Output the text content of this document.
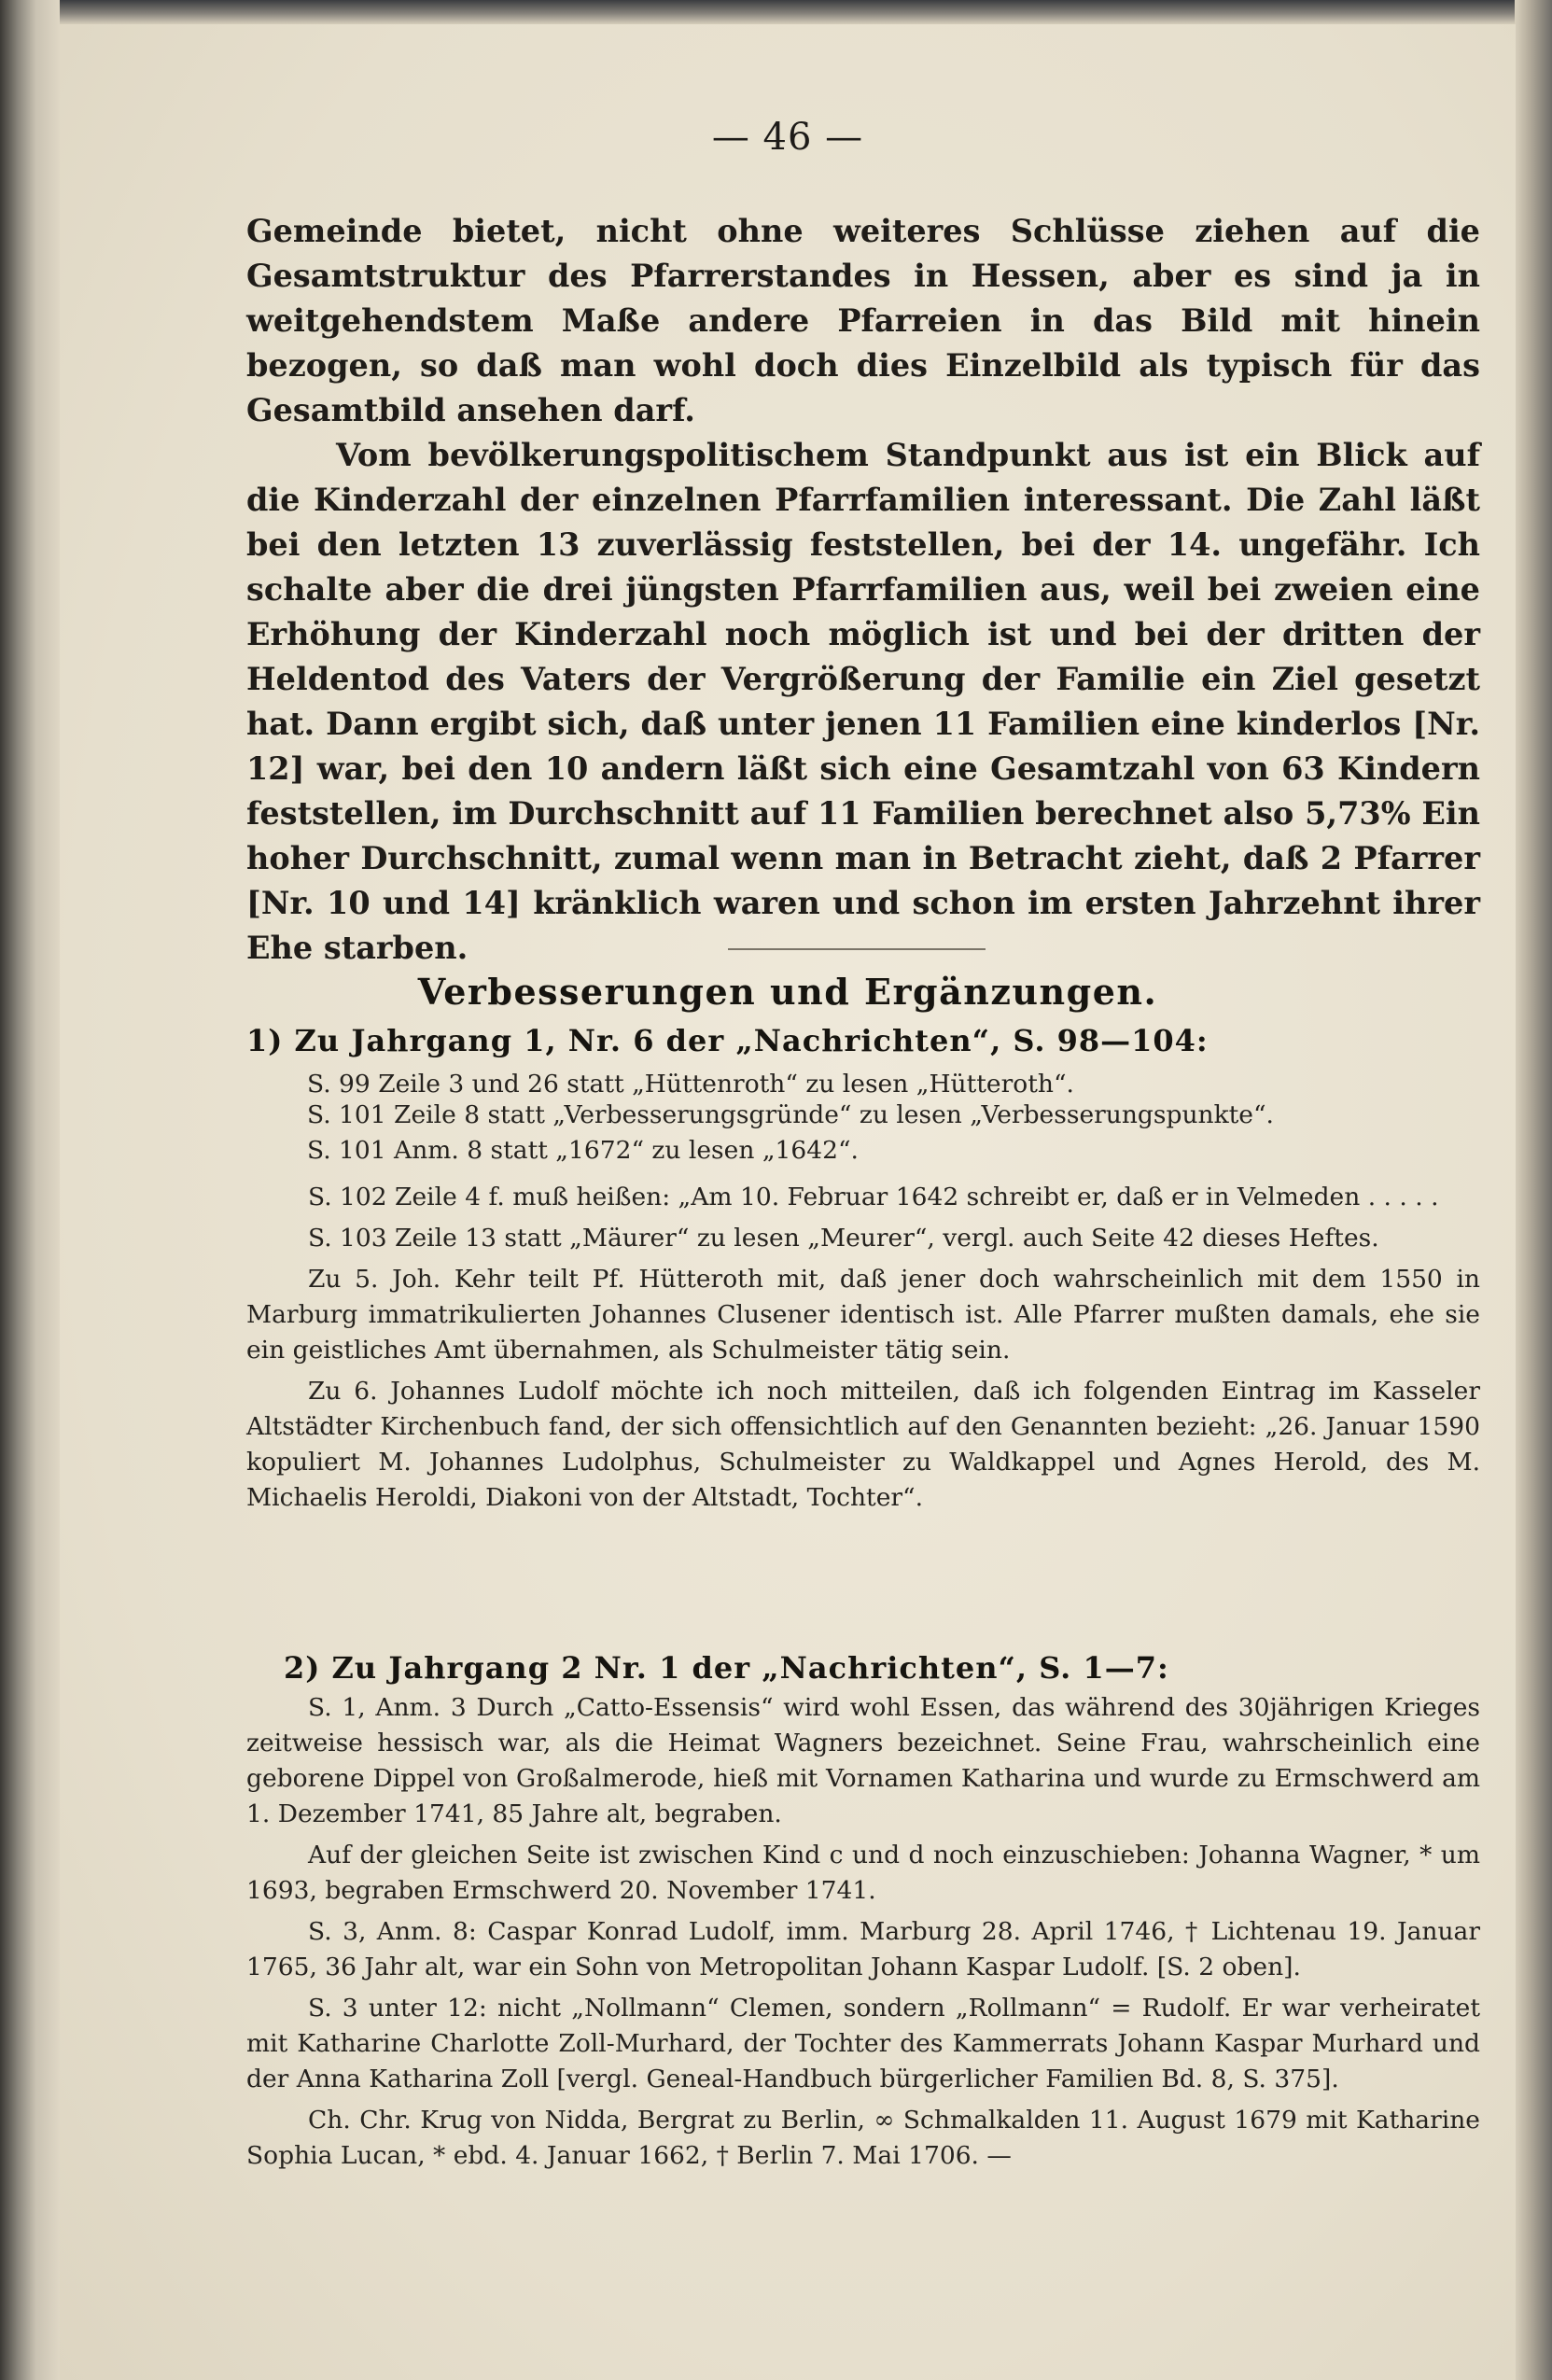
— 46 —

Gemeinde bietet, nicht ohne weiteres Schlüsse ziehen auf die Gesamtstruktur des Pfarrerstandes in Hessen, aber es sind ja in weitgehendstem Maße andere Pfarreien in das Bild mit hinein bezogen, so daß man wohl doch dies Einzelbild als typisch für das Gesamtbild ansehen darf.

Vom bevölkerungspolitischem Standpunkt aus ist ein Blick auf die Kinderzahl der einzelnen Pfarrfamilien interessant. Die Zahl läßt bei den letzten 13 zuverlässig feststellen, bei der 14. ungefähr. Ich schalte aber die drei jüngsten Pfarrfamilien aus, weil bei zweien eine Erhöhung der Kinderzahl noch möglich ist und bei der dritten der Heldentod des Vaters der Vergrößerung der Familie ein Ziel gesetzt hat. Dann ergibt sich, daß unter jenen 11 Familien eine kinderlos [Nr. 12] war, bei den 10 andern läßt sich eine Gesamtzahl von 63 Kindern feststellen, im Durchschnitt auf 11 Familien berechnet also 5,73% Ein hoher Durchschnitt, zumal wenn man in Betracht zieht, daß 2 Pfarrer [Nr. 10 und 14] kränklich waren und schon im ersten Jahrzehnt ihrer Ehe starben.

Verbesserungen und Ergänzungen.
1) Zu Jahrgang 1, Nr. 6 der „Nachrichten“, S. 98—104:
S. 99 Zeile 3 und 26 statt „Hüttenroth“ zu lesen „Hütteroth“.
S. 101 Zeile 8 statt „Verbesserungsgründe“ zu lesen „Verbesserungspunkte“.
S. 101 Anm. 8 statt „1672“ zu lesen „1642“.

S. 102 Zeile 4 f. muß heißen: „Am 10. Februar 1642 schreibt er, daß er in Velmeden . . . . .

S. 103 Zeile 13 statt „Mäurer“ zu lesen „Meurer“, vergl. auch Seite 42 dieses Heftes.

Zu 5. Joh. Kehr teilt Pf. Hütteroth mit, daß jener doch wahrscheinlich mit dem 1550 in Marburg immatrikulierten Johannes Clusener identisch ist. Alle Pfarrer mußten damals, ehe sie ein geistliches Amt übernahmen, als Schulmeister tätig sein.

Zu 6. Johannes Ludolf möchte ich noch mitteilen, daß ich folgenden Eintrag im Kasseler Altstädter Kirchenbuch fand, der sich offensichtlich auf den Genannten bezieht: „26. Januar 1590 kopuliert M. Johannes Ludolphus, Schulmeister zu Waldkappel und Agnes Herold, des M. Michaelis Heroldi, Diakoni von der Altstadt, Tochter“.

2) Zu Jahrgang 2 Nr. 1 der „Nachrichten“, S. 1—7:

S. 1, Anm. 3 Durch „Catto-Essensis“ wird wohl Essen, das während des 30jährigen Krieges zeitweise hessisch war, als die Heimat Wagners bezeichnet. Seine Frau, wahrscheinlich eine geborene Dippel von Großalmerode, hieß mit Vornamen Katharina und wurde zu Ermschwerd am 1. Dezember 1741, 85 Jahre alt, begraben.

Auf der gleichen Seite ist zwischen Kind c und d noch einzuschieben: Johanna Wagner, * um 1693, begraben Ermschwerd 20. November 1741.

S. 3, Anm. 8: Caspar Konrad Ludolf, imm. Marburg 28. April 1746, † Lichtenau 19. Januar 1765, 36 Jahr alt, war ein Sohn von Metropolitan Johann Kaspar Ludolf. [S. 2 oben].

S. 3 unter 12: nicht „Nollmann“ Clemen, sondern „Rollmann“ = Rudolf. Er war verheiratet mit Katharine Charlotte Zoll-Murhard, der Tochter des Kammerrats Johann Kaspar Murhard und der Anna Katharina Zoll [vergl. Geneal-Handbuch bürgerlicher Familien Bd. 8, S. 375].

Ch. Chr. Krug von Nidda, Bergrat zu Berlin, ∞ Schmalkalden 11. August 1679 mit Katharine Sophia Lucan, * ebd. 4. Januar 1662, † Berlin 7. Mai 1706. —
